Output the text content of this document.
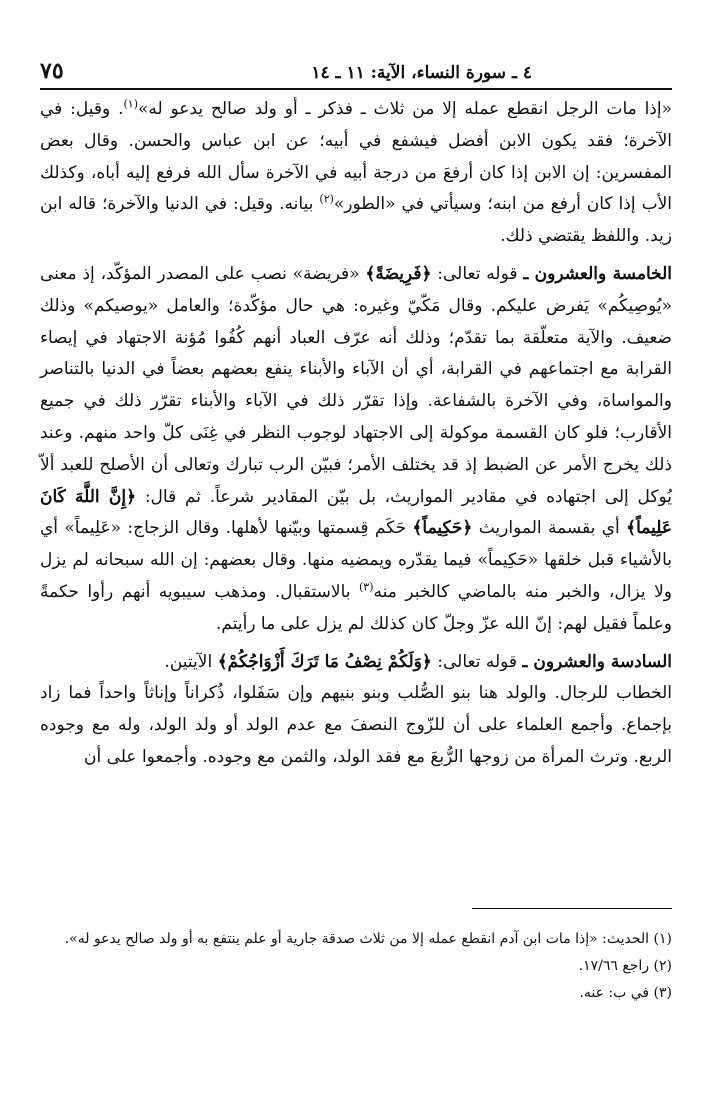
٧٥	٤ ـ سورة النساء، الآية: ١١ ـ ١٤

«إذا مات الرجل انقطع عمله إلا من ثلاث ـ فذكر ـ أو ولد صالح يدعو له»$^{(١)}$. وقيل: في الآخرة؛ فقد يكون الابن أفضل فيشفع في أبيه؛ عن ابن عباس والحسن. وقال بعض المفسرين: إن الابن إذا كان أرفعَ من درجة أبيه في الآخرة سأل الله فرفع إليه أباه، وكذلك الأب إذا كان أرفع من ابنه؛ وسيأتي في «الطور»$^{(٢)}$ بيانه. وقيل: في الدنيا والآخرة؛ قاله ابن زيد. واللفظ يقتضي ذلك.

الخامسة والعشرون ـ قوله تعالى: ﴿فَرِيضَةً﴾ «فريضة» نصب على المصدر المؤكّد، إذ معنى «يُوصِيكُم» يَفرض عليكم. وقال مَكّيّ وغيره: هي حال مؤكّدة؛ والعامل «يوصيكم» وذلك ضعيف. والآية متعلّقة بما تقدّم؛ وذلك أنه عرّف العباد أنهم كُفُوا مُؤنة الاجتهاد في إيصاء القرابة مع اجتماعهم في القرابة، أي أن الآباء والأبناء ينفع بعضهم بعضاً في الدنيا بالتناصر والمواساة، وفي الآخرة بالشفاعة. وإذا تقرّر ذلك في الآباء والأبناء تقرّر ذلك في جميع الأقارب؛ فلو كان القسمة موكولة إلى الاجتهاد لوجوب النظر في غِنَى كلّ واحد منهم. وعند ذلك يخرج الأمر عن الضبط إذ قد يختلف الأمر؛ فبيّن الرب تبارك وتعالى أن الأصلح للعبد ألاّ يُوكل إلى اجتهاده في مقادير المواريث، بل بيّن المقادير شرعاً. ثم قال: ﴿إِنَّ اللَّهَ كَانَ عَلِيماً﴾ أي بقسمة المواريث ﴿حَكِيماً﴾ حَكَم قِسمتها وبيّنها لأهلها. وقال الزجاج: «عَلِيماً» أي بالأشياء قبل خلقها «حَكِيماً» فيما يقدّره ويمضيه منها. وقال بعضهم: إن الله سبحانه لم يزل ولا يزال، والخبر منه بالماضي كالخبر منه$^{(٣)}$ بالاستقبال. ومذهب سيبويه أنهم رأوا حكمةً وعلماً فقيل لهم: إنّ الله عزّ وجلّ كان كذلك لم يزل على ما رأيتم.

السادسة والعشرون ـ قوله تعالى: ﴿وَلَكُمْ نِصْفُ مَا تَرَكَ أَزْوَاجُكُمْ﴾ الآيتين.

الخطاب للرجال. والولد هنا بنو الصُّلب وبنو بنيهم وإن سَفَلوا، ذُكراناً وإناثاً واحداً فما زاد بإجماع. وأجمع العلماء على أن للزّوج النصفَ مع عدم الولد أو ولد الولد، وله مع وجوده الربع. وترث المرأة من زوجها الرُّبعَ مع فقد الولد، والثمن مع وجوده. وأجمعوا على أن

(١) الحديث: «إذا مات ابن آدم انقطع عمله إلا من ثلاث صدقة جارية أو علم ينتفع به أو ولد صالح يدعو له».

(٢) راجع ١٧/٦٦.

(٣) في ب: عنه.
